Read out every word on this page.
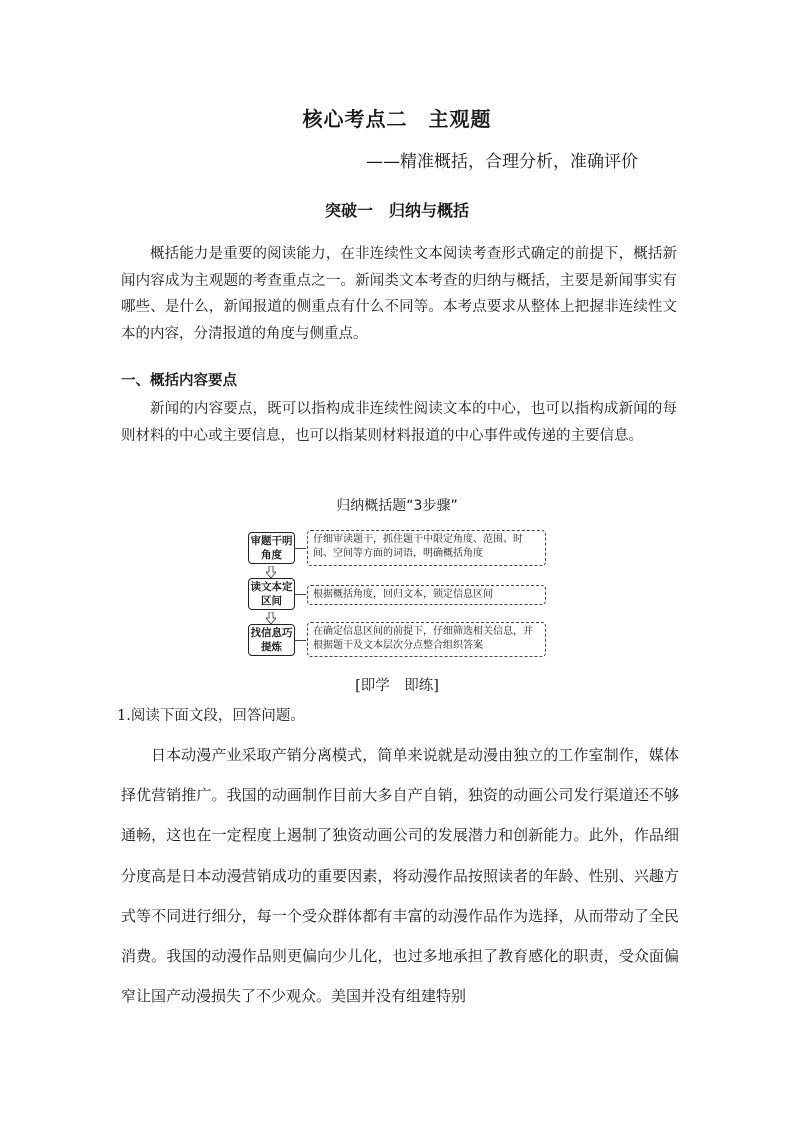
核心考点二　主观题
——精准概括，合理分析，准确评价
突破一　归纳与概括
概括能力是重要的阅读能力，在非连续性文本阅读考查形式确定的前提下，概括新闻内容成为主观题的考查重点之一。新闻类文本考查的归纳与概括，主要是新闻事实有哪些、是什么，新闻报道的侧重点有什么不同等。本考点要求从整体上把握非连续性文本的内容，分清报道的角度与侧重点。
一、概括内容要点
新闻的内容要点，既可以指构成非连续性阅读文本的中心，也可以指构成新闻的每则材料的中心或主要信息，也可以指某则材料报道的中心事件或传递的主要信息。
归纳概括题“3步骤”
审题干明角度
仔细审读题干，抓住题干中限定角度、范围、时间、空间等方面的词语，明确概括角度
读文本定区间
根据概括角度，回归文本，锁定信息区间
找信息巧提炼
在确定信息区间的前提下，仔细筛选相关信息，并根据题干及文本层次分点整合组织答案
[即学　即练]
1.阅读下面文段，回答问题。
日本动漫产业采取产销分离模式，简单来说就是动漫由独立的工作室制作，媒体择优营销推广。我国的动画制作目前大多自产自销，独资的动画公司发行渠道还不够通畅，这也在一定程度上遏制了独资动画公司的发展潜力和创新能力。此外，作品细分度高是日本动漫营销成功的重要因素，将动漫作品按照读者的年龄、性别、兴趣方式等不同进行细分，每一个受众群体都有丰富的动漫作品作为选择，从而带动了全民消费。我国的动漫作品则更偏向少儿化，也过多地承担了教育感化的职责，受众面偏窄让国产动漫损失了不少观众。美国并没有组建特别
